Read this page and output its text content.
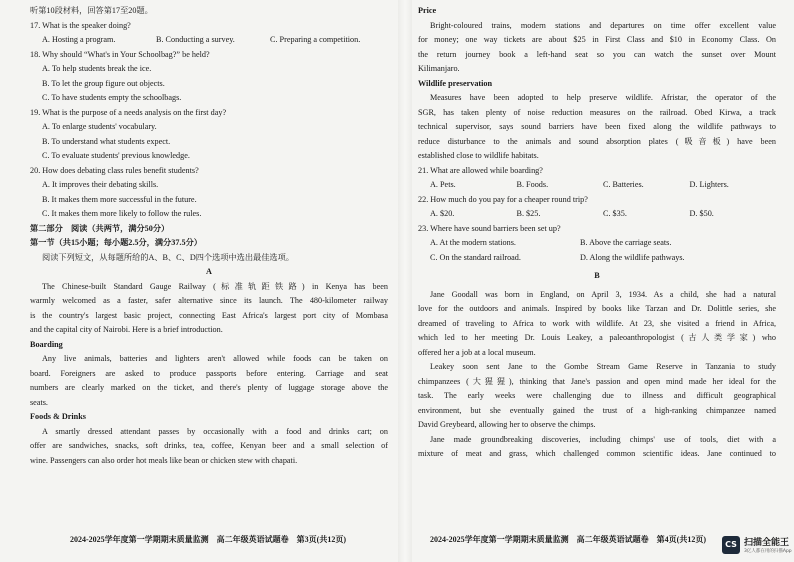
听第10段材料，回答第17至20题。
17. What is the speaker doing?
A. Hosting a program.	B. Conducting a survey.	C. Preparing a competition.
18. Why should “What's in Your Schoolbag?” be held?
A. To help students break the ice.
B. To let the group figure out objects.
C. To have students empty the schoolbags.
19. What is the purpose of a needs analysis on the first day?
A. To enlarge students' vocabulary.
B. To understand what students expect.
C. To evaluate students' previous knowledge.
20. How does debating class rules benefit students?
A. It improves their debating skills.
B. It makes them more successful in the future.
C. It makes them more likely to follow the rules.
第二部分　阅读（共两节，满分50分）
第一节（共15小题；每小题2.5分，满分37.5分）
阅读下列短文，从每题所给的A、B、C、D四个选项中选出最佳选项。
A
The Chinese-built Standard Gauge Railway (标准轨距铁路) in Kenya has been
warmly welcomed as a faster, safer alternative since its launch. The 480-kilometer railway
is the country's largest basic project, connecting East Africa's largest port city of Mombasa
and the capital city of Nairobi. Here is a brief introduction.
Boarding
Any live animals, batteries and lighters aren't allowed while foods can be taken on
board. Foreigners are asked to produce passports before entering. Carriage and seat
numbers are clearly marked on the ticket, and there's plenty of luggage storage above the
seats.
Foods & Drinks
A smartly dressed attendant passes by occasionally with a food and drinks cart; on
offer are sandwiches, snacks, soft drinks, tea, coffee, Kenyan beer and a small selection of
wine. Passengers can also order hot meals like bean or chicken stew with chapati.
2024-2025学年度第一学期期末质量监测　高二年级英语试题卷　第3页(共12页)
Price
Bright-coloured trains, modern stations and departures on time offer excellent value
for money; one way tickets are about $25 in First Class and $10 in Economy Class. On
the return journey book a left-hand seat so you can watch the sunset over Mount
Kilimanjaro.
Wildlife preservation
Measures have been adopted to help preserve wildlife. Afristar, the operator of the
SGR, has taken plenty of noise reduction measures on the railroad. Obed Kirwa, a track
technical supervisor, says sound barriers have been fixed along the wildlife pathways to
reduce disturbance to the animals and sound absorption plates (吸音板) have been
established close to wildlife habitats.
21. What are allowed while boarding?
A. Pets.	B. Foods.	C. Batteries.	D. Lighters.
22. How much do you pay for a cheaper round trip?
A. $20.	B. $25.	C. $35.	D. $50.
23. Where have sound barriers been set up?
A. At the modern stations.	B. Above the carriage seats.
C. On the standard railroad.	D. Along the wildlife pathways.
B
Jane Goodall was born in England, on April 3, 1934. As a child, she had a natural
love for the outdoors and animals. Inspired by books like Tarzan and Dr. Dolittle series, she
dreamed of traveling to Africa to work with wildlife. At 23, she visited a friend in Africa,
which led to her meeting Dr. Louis Leakey, a paleoanthropologist (古人类学家) who
offered her a job at a local museum.
Leakey soon sent Jane to the Gombe Stream Game Reserve in Tanzania to study
chimpanzees (大猩猩), thinking that Jane's passion and open mind made her ideal for the
task. The early weeks were challenging due to illness and difficult geographical
environment, but she eventually gained the trust of a high-ranking chimpanzee named
David Greybeard, allowing her to observe the chimps.
Jane made groundbreaking discoveries, including chimps' use of tools, diet with a
mixture of meat and grass, which challenged common scientific ideas. Jane continued to
2024-2025学年度第一学期期末质量监测　高二年级英语试题卷　第4页(共12页)
CS 扫描全能王
3亿人都在用的扫描App
